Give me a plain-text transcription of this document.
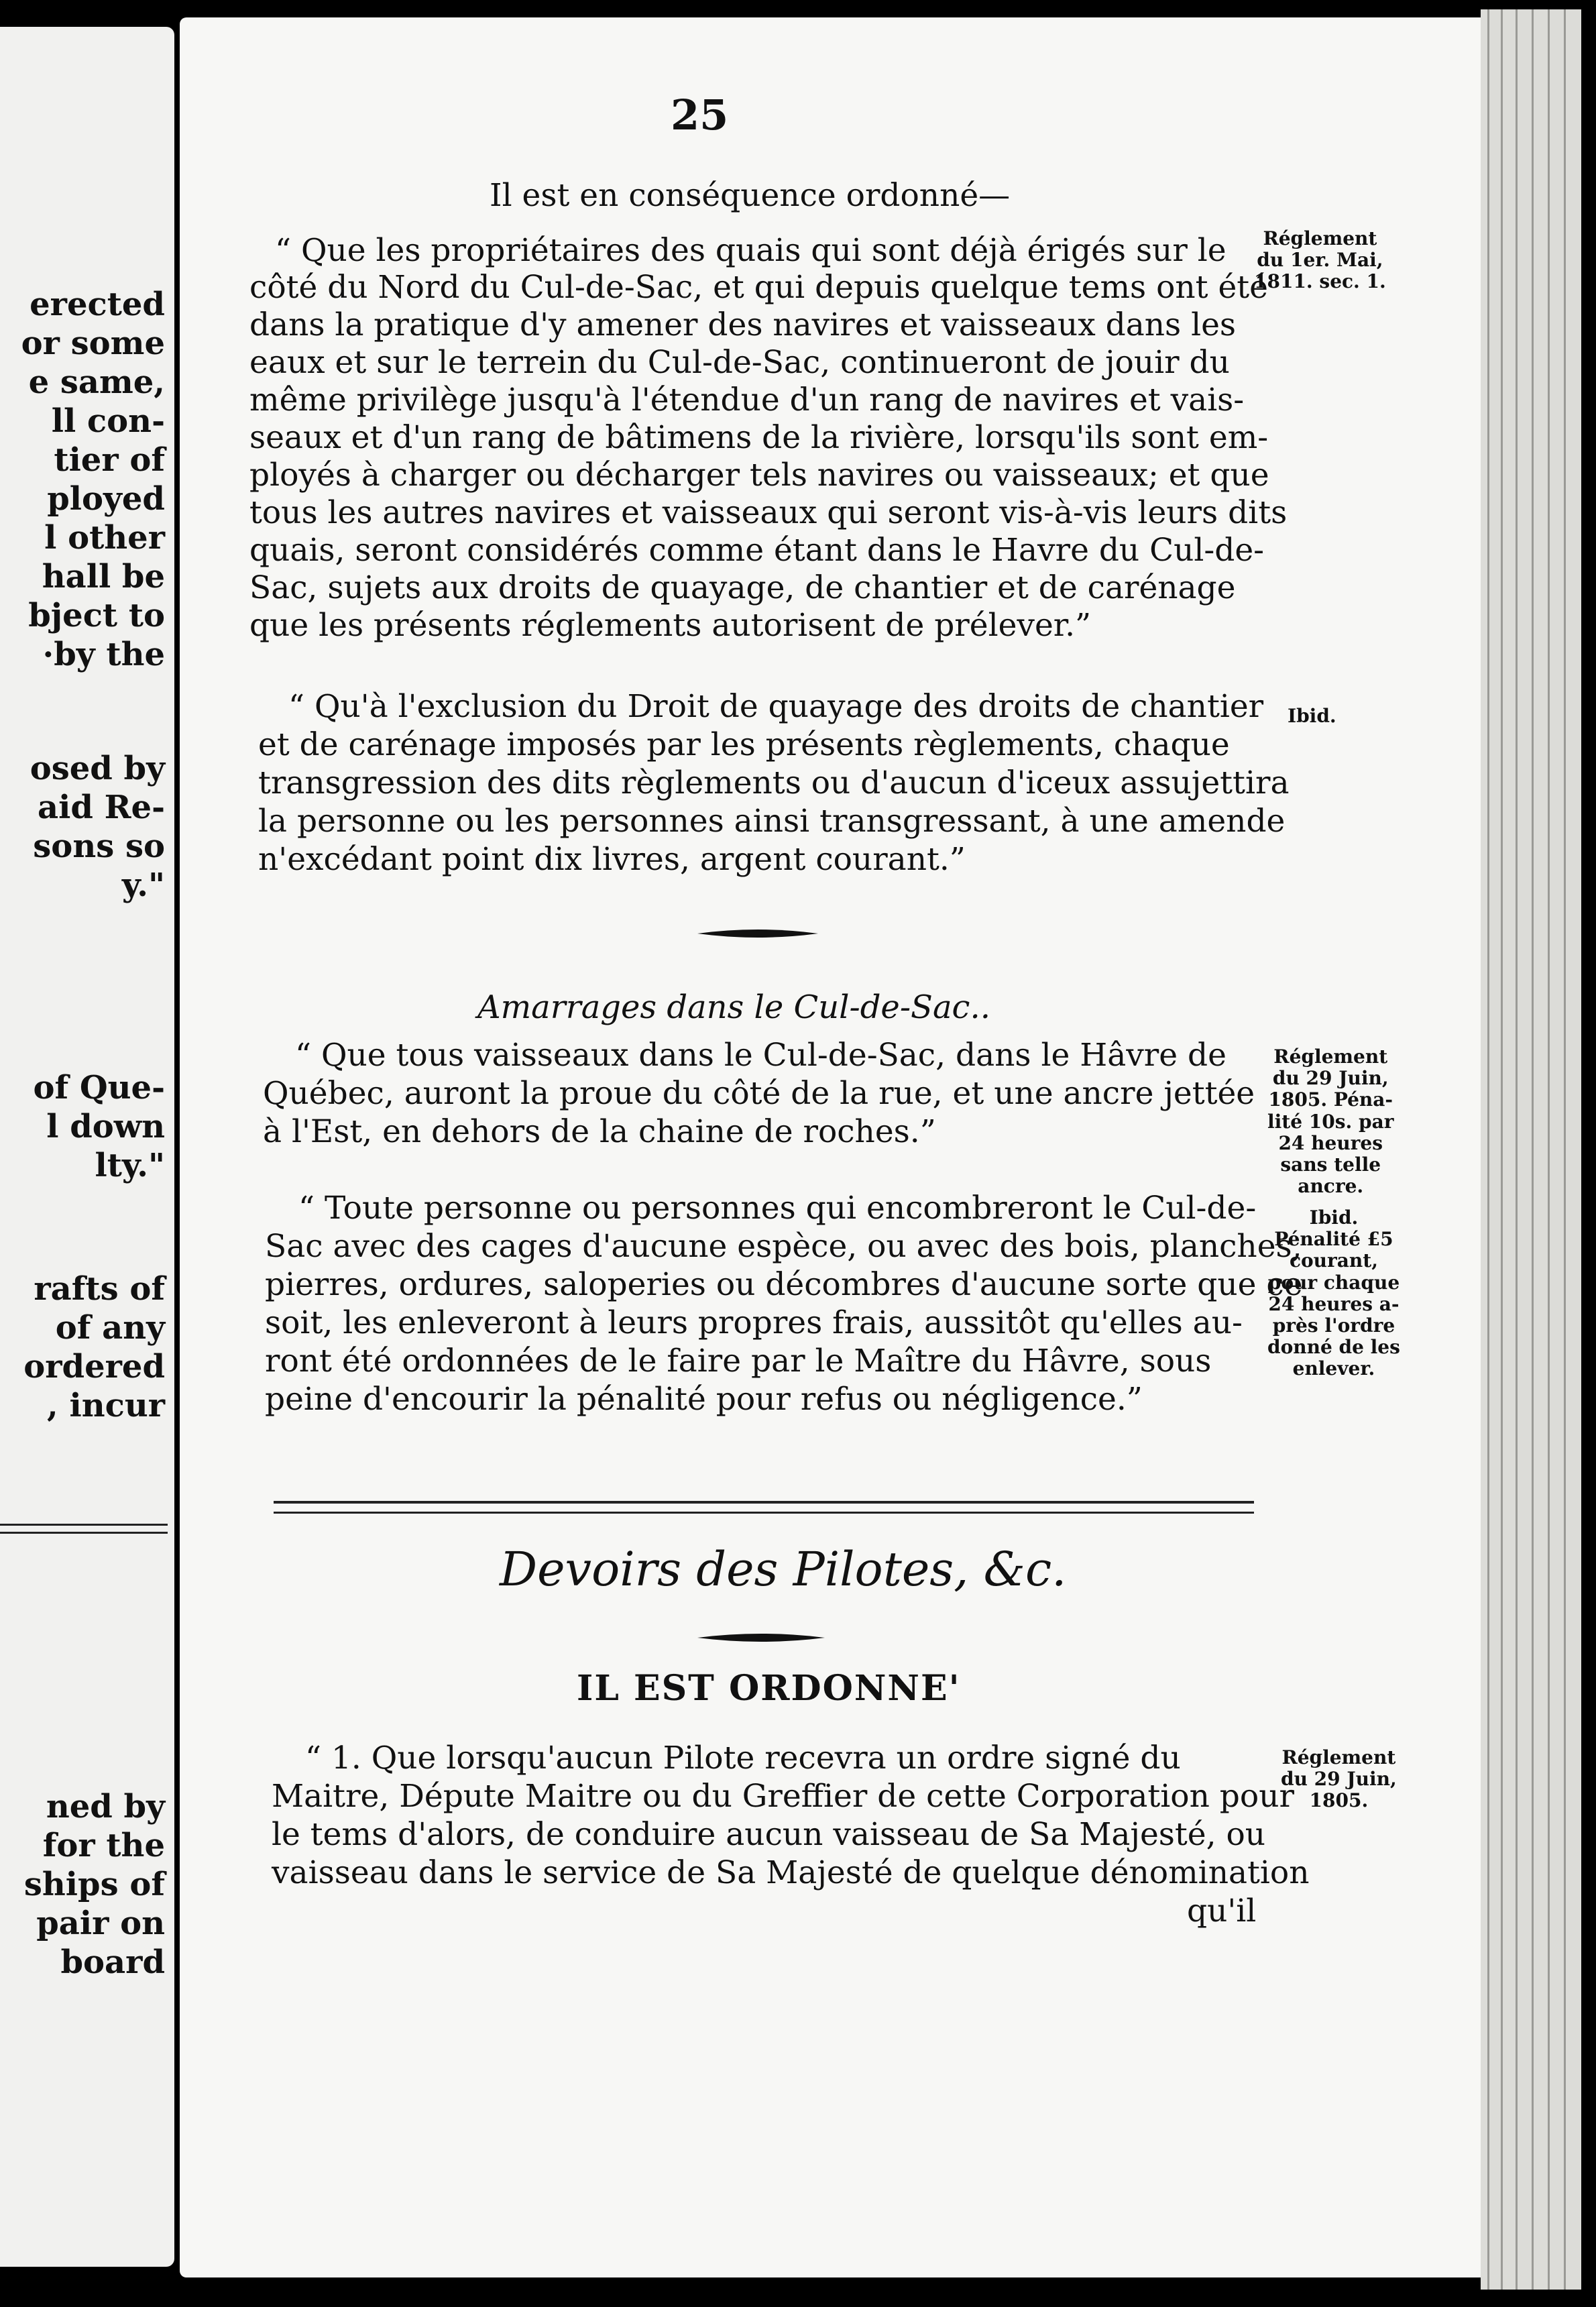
erected
or some
e same,
ll con-
tier of
ployed
l other
hall be
bject to
·by the
osed by
aid Re-
sons so
y."
of Que-
l down
lty."
rafts of
of any
ordered
, incur
ned by
for the
ships of
pair on
board
25
Il est en conséquence ordonné—
“ Que les propriétaires des quais qui sont déjà érigés sur le
côté du Nord du Cul-de-Sac, et qui depuis quelque tems ont été
dans la pratique d'y amener des navires et vaisseaux dans les
eaux et sur le terrein du Cul-de-Sac, continueront de jouir du
même privilège jusqu'à l'étendue d'un rang de navires et vais-
seaux et d'un rang de bâtimens de la rivière, lorsqu'ils sont em-
ployés à charger ou décharger tels navires ou vaisseaux; et que
tous les autres navires et vaisseaux qui seront vis-à-vis leurs dits
quais, seront considérés comme étant dans le Havre du Cul-de-
Sac, sujets aux droits de quayage, de chantier et de carénage
que les présents réglements autorisent de prélever.”
“ Qu'à l'exclusion du Droit de quayage des droits de chantier
et de carénage imposés par les présents règlements, chaque
transgression des dits règlements ou d'aucun d'iceux assujettira
la personne ou les personnes ainsi transgressant, à une amende
n'excédant point dix livres, argent courant.”
Amarrages dans le Cul-de-Sac..
“ Que tous vaisseaux dans le Cul-de-Sac, dans le Hâvre de
Québec, auront la proue du côté de la rue, et une ancre jettée
à l'Est, en dehors de la chaine de roches.”
“ Toute personne ou personnes qui encombreront le Cul-de-
Sac avec des cages d'aucune espèce, ou avec des bois, planches,
pierres, ordures, saloperies ou décombres d'aucune sorte que ce
soit, les enleveront à leurs propres frais, aussitôt qu'elles au-
ront été ordonnées de le faire par le Maître du Hâvre, sous
peine d'encourir la pénalité pour refus ou négligence.”
Devoirs des Pilotes, &c.
IL EST ORDONNE'
“ 1. Que lorsqu'aucun Pilote recevra un ordre signé du
Maitre, Députe Maitre ou du Greffier de cette Corporation pour
le tems d'alors, de conduire aucun vaisseau de Sa Majesté, ou
vaisseau dans le service de Sa Majesté de quelque dénomination
qu'il
Réglement
du 1er. Mai,
1811. sec. 1.
Ibid.
Réglement
du 29 Juin,
1805. Péna-
lité 10s. par
24 heures
sans telle
ancre.
Ibid.
Pénalité £5
courant,
pour chaque
24 heures a-
près l'ordre
donné de les
enlever.
Réglement
du 29 Juin,
1805.
